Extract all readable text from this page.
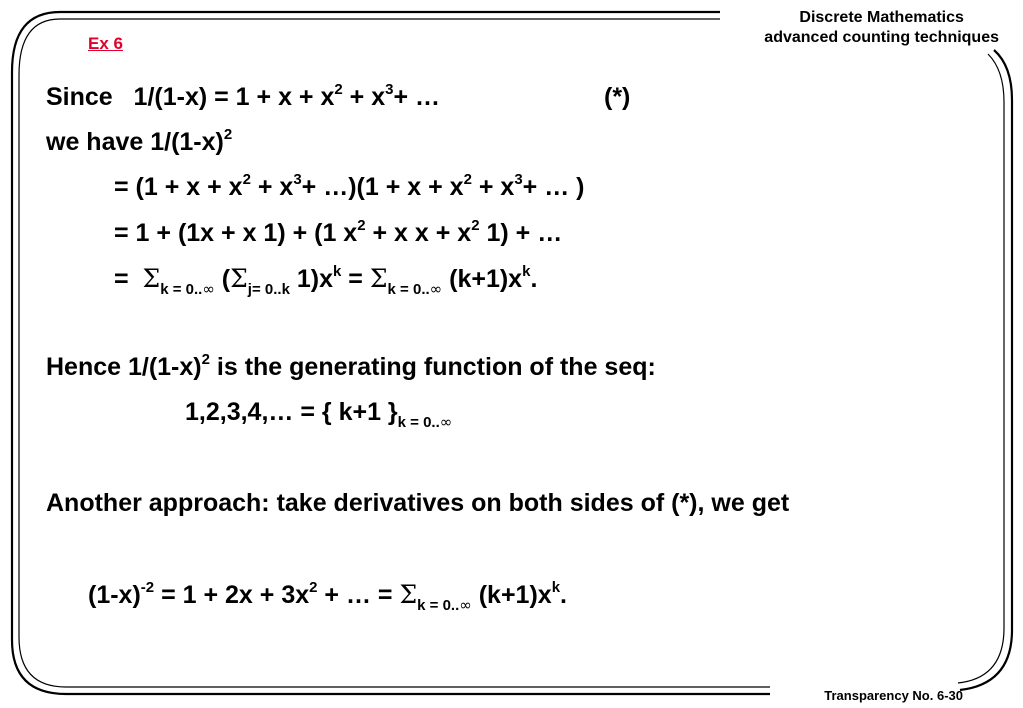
Discrete Mathematics
advanced counting techniques
Ex 6
Since $1/(1-x) = 1 + x + x^2 + x^3+$ …	(*)
we have $1/(1-x)^2$
= ($1 + x + x^2 + x^3+$ …)(1 + $x + x^2 + x^3+$ … )
= 1 + (1x + x 1) + (1 $x^2 + x$ $x + x^2$ 1) + …
= $\Sigma_{k = 0..\infty}$ ($\Sigma_{j= 0..k}$ $1)x^k = \Sigma_{k = 0..\infty}$ $(k+1)x^k$.
Hence $1/(1-x)^2$ is the generating function of the seq:
1,2,3,4,… = { k+1 }$_{k = 0..\infty}$
Another approach: take derivatives on both sides of (*), we get
$(1-x)^{-2} = 1 + 2x + 3x^2$ + … = $\Sigma_{k = 0..\infty}$ $(k+1)x^k$.
Transparency No. 6-30
